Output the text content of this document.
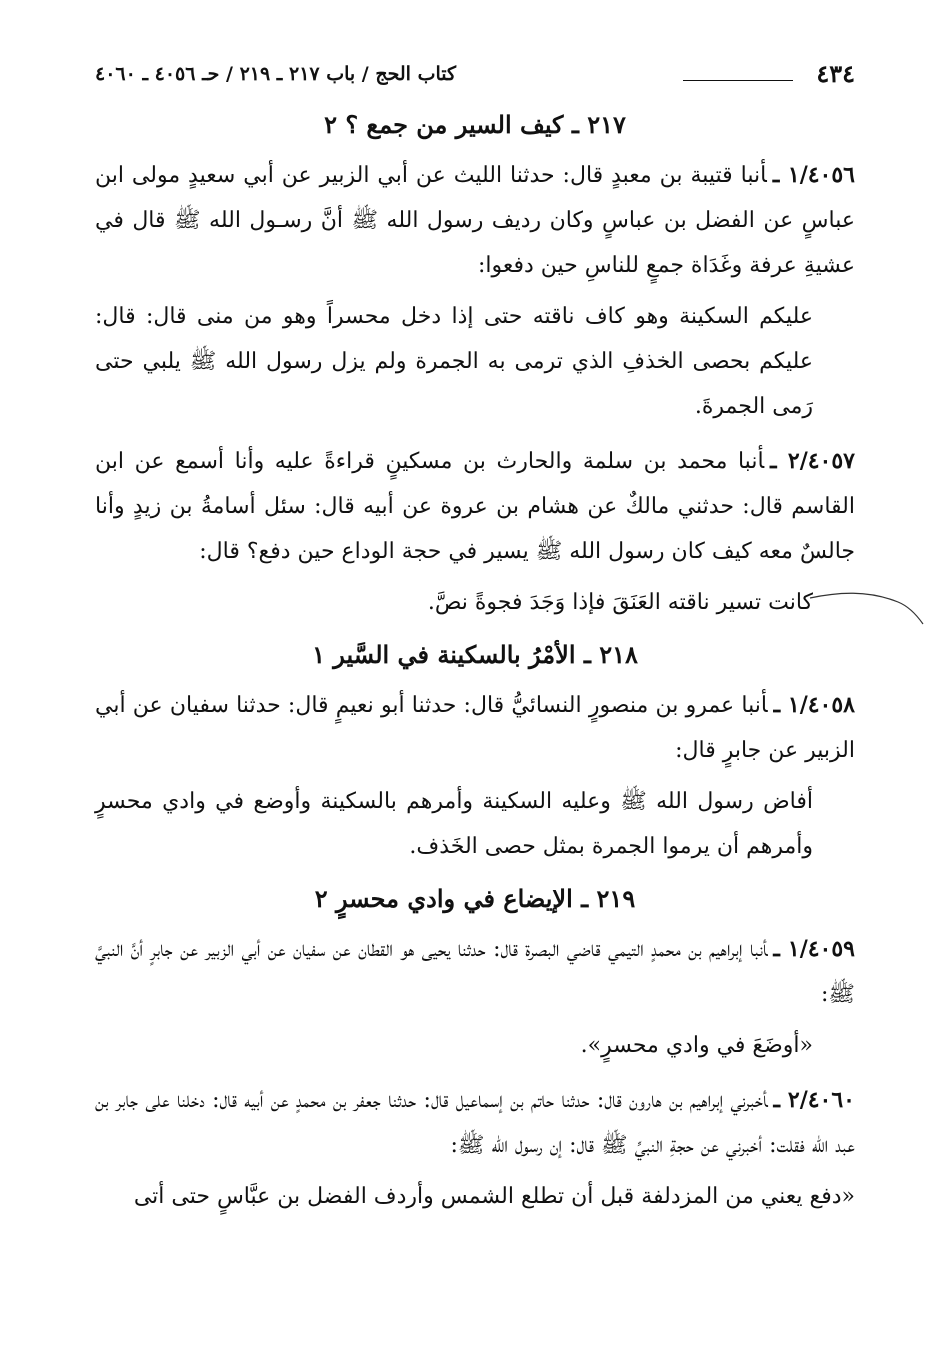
٤٣٤
كتاب الحج / باب ٢١٧ ـ ٢١٩ / حـ ٤٠٥٦ ـ ٤٠٦٠
٢١٧ ـ كيف السير من جمع ؟ ٢

١/٤٠٥٦ ـأنبا قتيبة بن معبدٍ قال: حدثنا الليث عن أبي الزبير عن أبي سعيدٍ مولى ابن عباسٍ عن الفضل بن عباسٍ وكان رديف رسول الله ﷺ أنَّ رسـول الله ﷺ قال في عشيةِ عرفة وغَدَاة جمعٍ للناسِ حين دفعوا:

عليكم السكينة وهو كاف ناقته حتى إذا دخل محسراً وهو من منى قال: قال: عليكم بحصى الخذفِ الذي ترمى به الجمرة ولم يزل رسول الله ﷺ يلبي حتى رَمى الجمرةَ.

٢/٤٠٥٧ ـأنبا محمد بن سلمة والحارث بن مسكينٍ قراءةً عليه وأنا أسمع عن ابن القاسم قال: حدثني مالكٌ عن هشام بن عروة عن أبيه قال: سئل أسامةُ بن زيدٍ وأنا جالسٌ معه كيف كان رسول الله ﷺ يسير في حجة الوداع حين دفع؟ قال:

كانت تسير ناقته العَنَقَ فإذا وَجَدَ فجوةً نصَّ.

٢١٨ ـ الأمْرُ بالسكينة في السَّير ١

١/٤٠٥٨ ـأنبا عمرو بن منصورٍ النسائيُّ قال: حدثنا أبو نعيمٍ قال: حدثنا سفيان عن أبي الزبير عن جابرٍ قال:

أفاض رسول الله ﷺ وعليه السكينة وأمرهم بالسكينة وأوضع في وادي محسرٍ وأمرهم أن يرموا الجمرة بمثل حصى الخَذف.

٢١٩ ـ الإيضاع في وادي محسرٍ ٢

١/٤٠٥٩ ـأنبا إبراهيم بن محمدٍ التيمي قاضي البصرة قال: حدثنا يحيى هو القطان عن سفيان عن أبي الزبير عن جابرٍ أنَّ النبيَّ ﷺ:

«أوضَعَ في وادي محسرٍ».

٢/٤٠٦٠ ـأخبرني إبراهيم بن هارون قال: حدثنا حاتم بن إسماعيل قال: حدثنا جعفر بن محمدٍ عن أبيه قال: دخلنا على جابر بن عبد الله فقلت: أخبرني عن حجةِ النبيِّ ﷺ قال: إن رسول الله ﷺ:

«دفع يعني من المزدلفة قبل أن تطلع الشمس وأردف الفضل بن عبَّاسٍ حتى أتى
